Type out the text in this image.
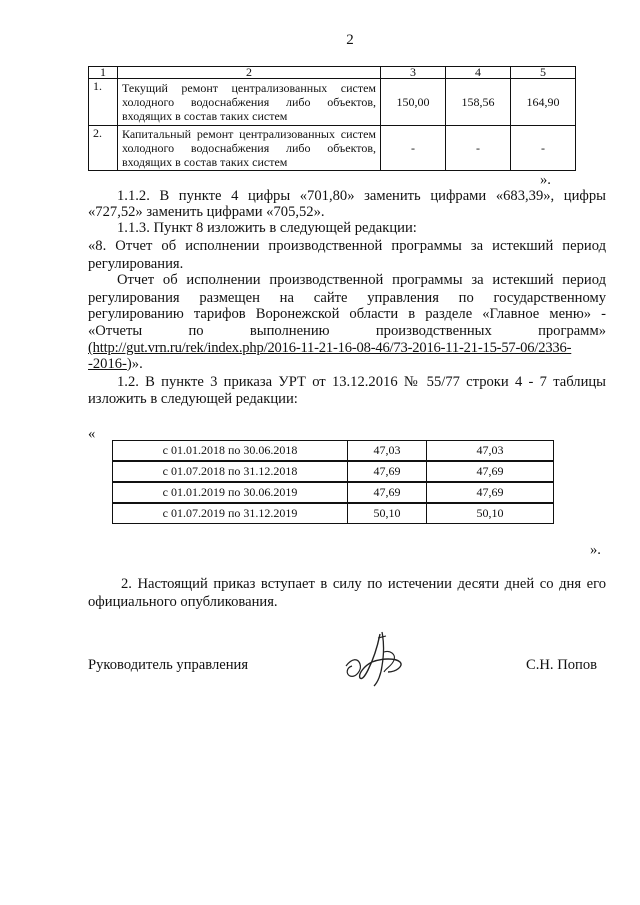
2
1	2	3	4	5
1.	Текущий ремонт централизованных систем холодного водоснабжения либо объектов, входящих в состав таких систем	150,00	158,56	164,90
2.	Капитальный ремонт централизованных систем холодного водоснабжения либо объектов, входящих в состав таких систем	-	-	-
».
1.1.2. В пункте 4 цифры «701,80» заменить цифрами «683,39», цифры
«727,52» заменить цифрами «705,52».
1.1.3. Пункт 8 изложить в следующей редакции:
«8. Отчет об исполнении производственной программы за истекший период
регулирования.
Отчет об исполнении производственной программы за истекший период
регулирования размещен на сайте управления по государственному
регулированию тарифов Воронежской области в разделе «Главное меню» -
«Отчеты по выполнению производственных программ»
(http://gut.vrn.ru/rek/index.php/2016-11-21-16-08-46/73-2016-11-21-15-57-06/2336-
-2016-)».
1.2. В пункте 3 приказа УРТ от 13.12.2016 № 55/77 строки 4 - 7 таблицы
изложить в следующей редакции:
«
с 01.01.2018 по 30.06.2018	47,03	47,03
с 01.07.2018 по 31.12.2018	47,69	47,69
с 01.01.2019 по 30.06.2019	47,69	47,69
с 01.07.2019 по 31.12.2019	50,10	50,10
».
2. Настоящий приказ вступает в силу по истечении десяти дней со дня его
официального опубликования.
Руководитель управления	С.Н. Попов
